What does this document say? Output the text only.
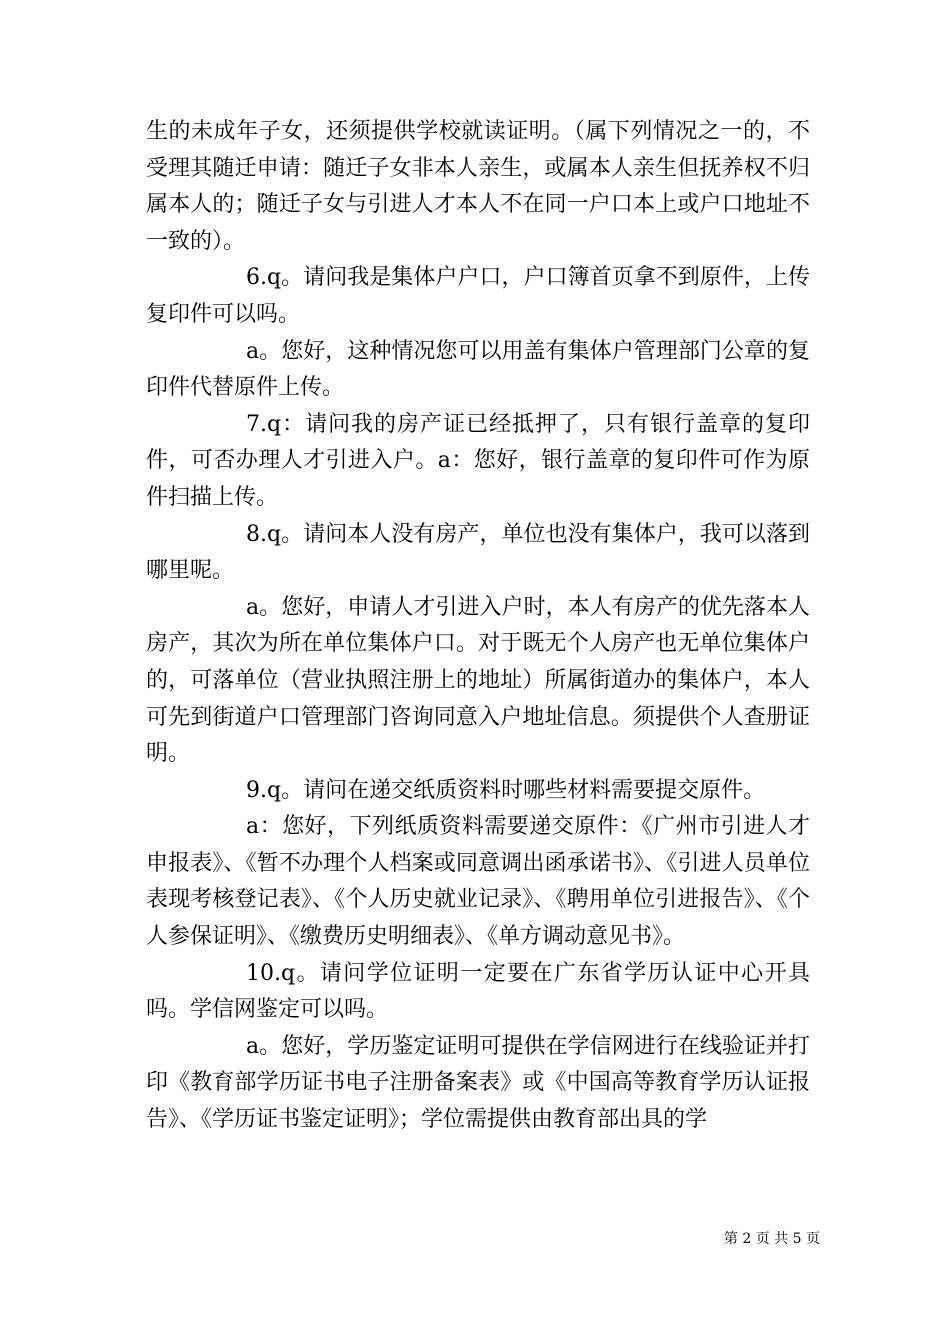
生的未成年子女，还须提供学校就读证明。（属下列情况之一的，不受理其随迁申请：随迁子女非本人亲生，或属本人亲生但抚养权不归属本人的；随迁子女与引进人才本人不在同一户口本上或户口地址不一致的）。

6.q。请问我是集体户户口，户口簿首页拿不到原件，上传复印件可以吗。

a。您好，这种情况您可以用盖有集体户管理部门公章的复印件代替原件上传。

7.q：请问我的房产证已经抵押了，只有银行盖章的复印件，可否办理人才引进入户。a：您好，银行盖章的复印件可作为原件扫描上传。

8.q。请问本人没有房产，单位也没有集体户，我可以落到哪里呢。

a。您好，申请人才引进入户时，本人有房产的优先落本人房产，其次为所在单位集体户口。对于既无个人房产也无单位集体户的，可落单位（营业执照注册上的地址）所属街道办的集体户，本人可先到街道户口管理部门咨询同意入户地址信息。须提供个人查册证明。

9.q。请问在递交纸质资料时哪些材料需要提交原件。

a：您好，下列纸质资料需要递交原件：《广州市引进人才申报表》、《暂不办理个人档案或同意调出函承诺书》、《引进人员单位表现考核登记表》、《个人历史就业记录》、《聘用单位引进报告》、《个人参保证明》、《缴费历史明细表》、《单方调动意见书》。

10.q。请问学位证明一定要在广东省学历认证中心开具吗。学信网鉴定可以吗。

a。您好，学历鉴定证明可提供在学信网进行在线验证并打印《教育部学历证书电子注册备案表》或《中国高等教育学历认证报告》、《学历证书鉴定证明》；学位需提供由教育部出具的学

第 2 页 共 5 页
